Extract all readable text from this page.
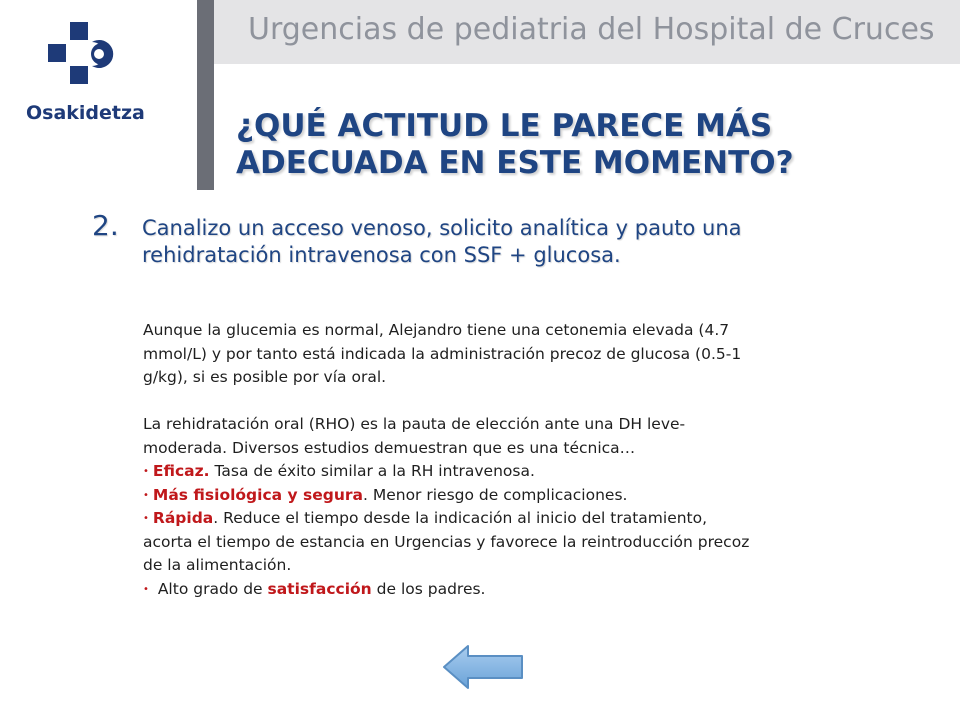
Osakidetza
Urgencias de pediatria del Hospital de Cruces
¿QUÉ ACTITUD LE PARECE MÁS
ADECUADA EN ESTE MOMENTO?
2. Canalizo un acceso venoso, solicito analítica y pauto una
rehidratación intravenosa con SSF + glucosa.
Aunque la glucemia es normal, Alejandro tiene una cetonemia elevada (4.7
mmol/L) y por tanto está indicada la administración precoz de glucosa (0.5-1
g/kg), si es posible por vía oral.
La rehidratación oral (RHO) es la pauta de elección ante una DH leve-
moderada. Diversos estudios demuestran que es una técnica…
• Eficaz. Tasa de éxito similar a la RH intravenosa.
• Más fisiológica y segura. Menor riesgo de complicaciones.
• Rápida. Reduce el tiempo desde la indicación al inicio del tratamiento,
acorta el tiempo de estancia en Urgencias y favorece la reintroducción precoz
de la alimentación.
• Alto grado de satisfacción de los padres.
